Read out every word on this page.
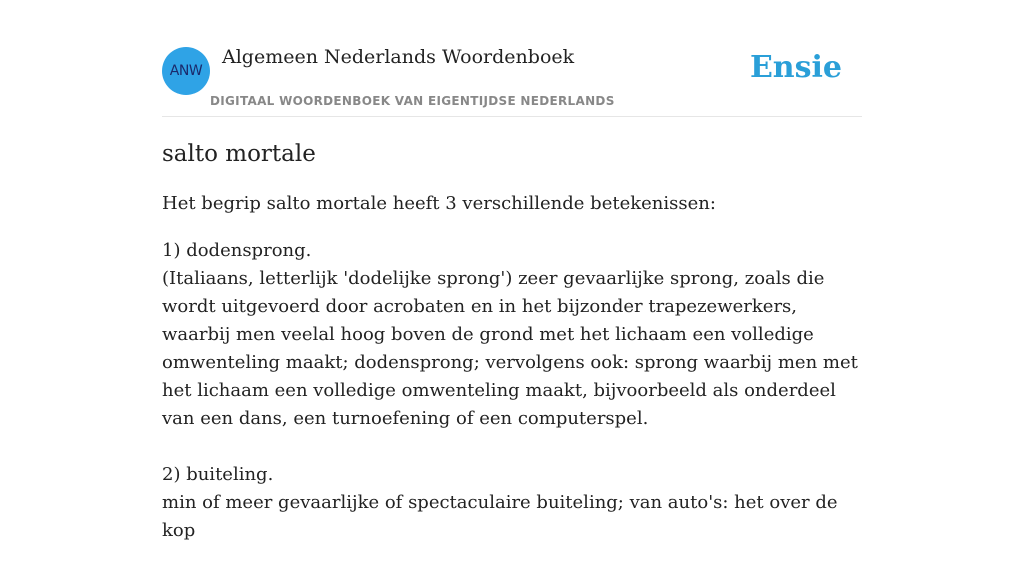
ANW
Algemeen Nederlands Woordenboek
DIGITAAL WOORDENBOEK VAN EIGENTIJDSE NEDERLANDS
Ensie
salto mortale

Het begrip salto mortale heeft 3 verschillende betekenissen:

1) dodensprong.
(Italiaans, letterlijk 'dodelijke sprong') zeer gevaarlijke sprong, zoals die wordt uitgevoerd door acrobaten en in het bijzonder trapezewerkers, waarbij men veelal hoog boven de grond met het lichaam een volledige omwenteling maakt; dodensprong; vervolgens ook: sprong waarbij men met het lichaam een volledige omwenteling maakt, bijvoorbeeld als onderdeel van een dans, een turnoefening of een computerspel.
2) buiteling.
min of meer gevaarlijke of spectaculaire buiteling; van auto's: het over de kop
